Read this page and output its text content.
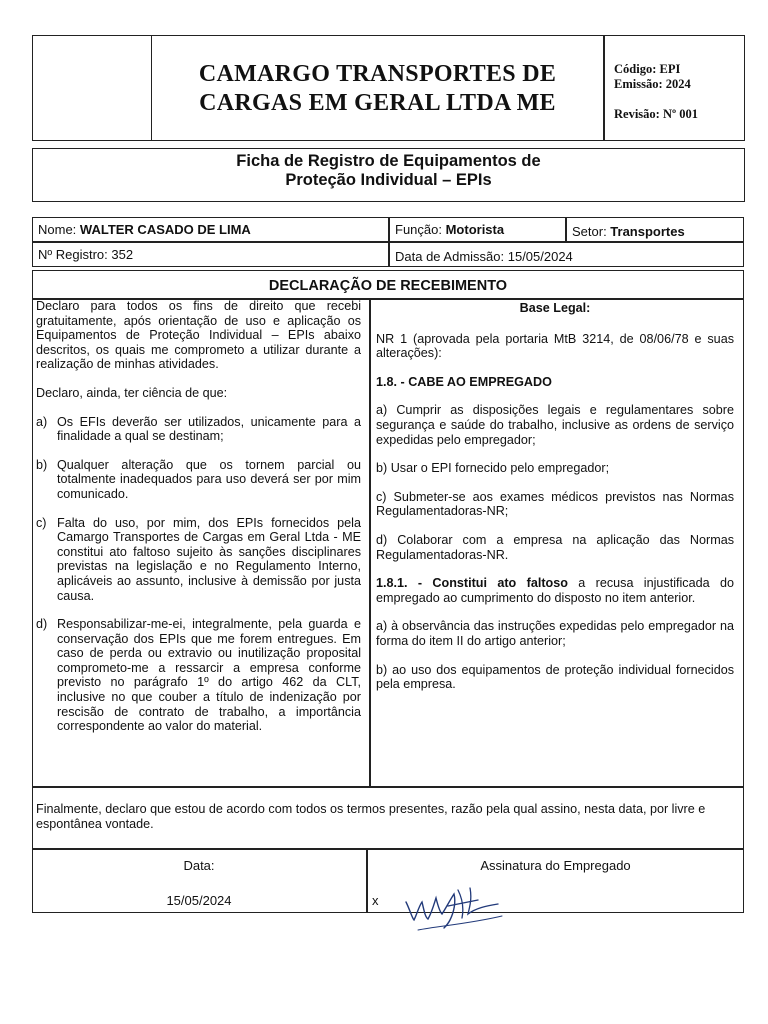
CAMARGO TRANSPORTES DE
CARGAS EM GERAL LTDA ME
Código: EPI
Emissão: 2024
Revisão: Nº 001
Ficha de Registro de Equipamentos de
Proteção Individual – EPIs
Nome: WALTER CASADO DE LIMA	Função: Motorista	Setor: Transportes
Nº Registro: 352	Data de Admissão: 15/05/2024
DECLARAÇÃO DE RECEBIMENTO

Declaro para todos os fins de direito que recebi gratuitamente, após orientação de uso e aplicação os Equipamentos de Proteção Individual – EPIs abaixo descritos, os quais me comprometo a utilizar durante a realização de minhas atividades.

Declaro, ainda, ter ciência de que:

a) Os EFIs deverão ser utilizados, unicamente para a finalidade a qual se destinam;
b) Qualquer alteração que os tornem parcial ou totalmente inadequados para uso deverá ser por mim comunicado.
c) Falta do uso, por mim, dos EPIs fornecidos pela Camargo Transportes de Cargas em Geral Ltda - ME constitui ato faltoso sujeito às sanções disciplinares previstas na legislação e no Regulamento Interno, aplicáveis ao assunto, inclusive à demissão por justa causa.
d) Responsabilizar-me-ei, integralmente, pela guarda e conservação dos EPIs que me forem entregues. Em caso de perda ou extravio ou inutilização proposital comprometo-me a ressarcir a empresa conforme previsto no parágrafo 1º do artigo 462 da CLT, inclusive no que couber a título de indenização por rescisão de contrato de trabalho, a importância correspondente ao valor do material.

Base Legal:

NR 1 (aprovada pela portaria MtB 3214, de 08/06/78 e suas alterações):

1.8. - CABE AO EMPREGADO

a) Cumprir as disposições legais e regulamentares sobre segurança e saúde do trabalho, inclusive as ordens de serviço expedidas pelo empregador;

b) Usar o EPI fornecido pelo empregador;

c) Submeter-se aos exames médicos previstos nas Normas Regulamentadoras-NR;

d) Colaborar com a empresa na aplicação das Normas Regulamentadoras-NR.

1.8.1. - Constitui ato faltoso a recusa injustificada do empregado ao cumprimento do disposto no item anterior.

a) à observância das instruções expedidas pelo empregador na forma do item II do artigo anterior;

b) ao uso dos equipamentos de proteção individual fornecidos pela empresa.

Finalmente, declaro que estou de acordo com todos os termos presentes, razão pela qual assino, nesta data, por livre e espontânea vontade.
Data:	Assinatura do Empregado
15/05/2024	x
